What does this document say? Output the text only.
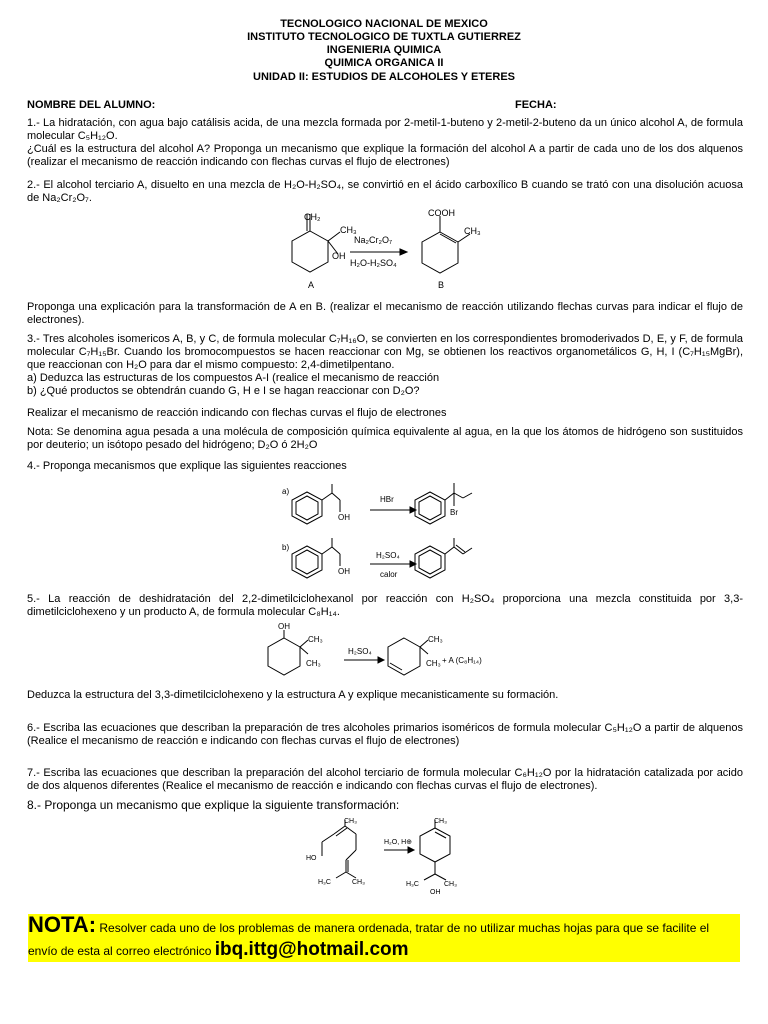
TECNOLOGICO NACIONAL DE MEXICO
INSTITUTO TECNOLOGICO DE TUXTLA GUTIERREZ
INGENIERIA QUIMICA
QUIMICA ORGANICA II
UNIDAD II: ESTUDIOS DE ALCOHOLES Y ETERES
NOMBRE DEL ALUMNO:	FECHA:
1.- La hidratación, con agua bajo catálisis acida, de una mezcla formada por 2-metil-1-buteno y 2-metil-2-buteno da un único alcohol A, de formula molecular C₅H₁₂O.
¿Cuál es la estructura del alcohol A? Proponga un mecanismo que explique la formación del alcohol A a partir de cada uno de los dos alquenos (realizar el mecanismo de reacción indicando con flechas curvas el flujo de electrones)
2.- El alcohol terciario A, disuelto en una mezcla de H₂O-H₂SO₄, se convirtió en el ácido carboxílico B cuando se trató con una disolución acuosa de Na₂Cr₂O₇.
CH₂
CH₃
OH
Na₂Cr₂O₇
H₂O-H₂SO₄
COOH
CH₃
A	B
Proponga una explicación para la transformación de A en B. (realizar el mecanismo de reacción utilizando flechas curvas para indicar el flujo de electrones).
3.- Tres alcoholes isomericos A, B, y C, de formula molecular C₇H₁₆O, se convierten en los correspondientes bromoderivados D, E, y F, de formula molecular C₇H₁₅Br. Cuando los bromocompuestos se hacen reaccionar con Mg, se obtienen los reactivos organometálicos G, H, I (C₇H₁₅MgBr), que reaccionan con H₂O para dar el mismo compuesto: 2,4-dimetilpentano.
a) Deduzca las estructuras de los compuestos A-I (realice el mecanismo de reacción
b) ¿Qué productos se obtendrán cuando G, H e I se hagan reaccionar con D₂O?
Realizar el mecanismo de reacción indicando con flechas curvas el flujo de electrones
Nota: Se denomina agua pesada a una molécula de composición química equivalente al agua, en la que los átomos de hidrógeno son sustituidos por deuterio; un isótopo pesado del hidrógeno; D₂O ó 2H₂O
4.- Proponga mecanismos que explique las siguientes reacciones
a)
OH
HBr
Br
b)
OH
H₂SO₄
calor
5.- La reacción de deshidratación del 2,2-dimetilciclohexanol por reacción con H₂SO₄ proporciona una mezcla constituida por 3,3-dimetilciclohexeno y un producto A, de formula molecular C₈H₁₄.
OH
CH₃
CH₃
H₂SO₄
CH₃
CH₃ + A (C₈H₁₄)
Deduzca la estructura del 3,3-dimetilciclohexeno y la estructura A y explique mecanisticamente su formación.
6.- Escriba las ecuaciones que describan la preparación de tres alcoholes primarios isoméricos de formula molecular C₅H₁₂O a partir de alquenos (Realice el mecanismo de reacción e indicando con flechas curvas el flujo de electrones)
7.- Escriba las ecuaciones que describan la preparación del alcohol terciario de formula molecular C₆H₁₂O por la hidratación catalizada por acido de dos alquenos diferentes (Realice el mecanismo de reacción e indicando con flechas curvas el flujo de electrones).
8.- Proponga un mecanismo que explique la siguiente transformación:
CH₃
HO
H₃C	CH₃
H₂O, H⊕
CH₃
H₃C	CH₃
OH
NOTA: Resolver cada uno de los problemas de manera ordenada, tratar de no utilizar muchas hojas para que se facilite el envío de esta al correo electrónico ibq.ittg@hotmail.com
